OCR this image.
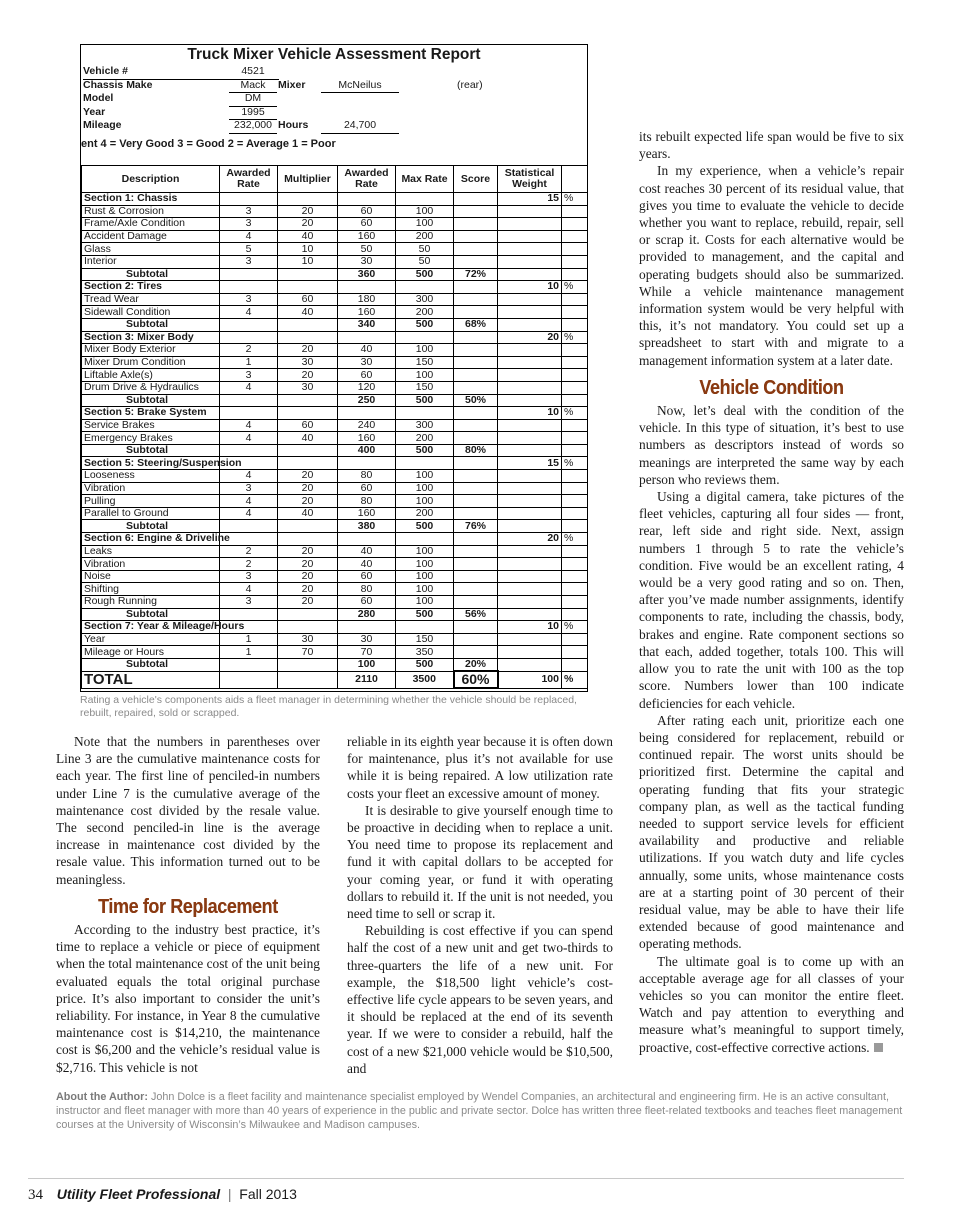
Truck Mixer Vehicle Assessment Report
Vehicle #	4521
Chassis Make	Mack	Mixer	McNeilus	(rear)
Model	DM
Year	1995
Mileage	232,000 Hours	24,700
ent 4 = Very Good 3 = Good 2 = Average 1 = Poor
Description	Awarded Rate	Multiplier	Awarded Rate	Max Rate	Score	Statistical Weight	
Section 1: Chassis						15	%
Rust & Corrosion	3	20	60	100			
Frame/Axle Condition	3	20	60	100			
Accident Damage	4	40	160	200			
Glass	5	10	50	50			
Interior	3	10	30	50			
Subtotal			360	500	72%		
Section 2: Tires						10	%
Tread Wear	3	60	180	300			
Sidewall Condition	4	40	160	200			
Subtotal			340	500	68%		
Section 3: Mixer Body						20	%
Mixer Body Exterior	2	20	40	100			
Mixer Drum Condition	1	30	30	150			
Liftable Axle(s)	3	20	60	100			
Drum Drive & Hydraulics	4	30	120	150			
Subtotal			250	500	50%		
Section 5: Brake System						10	%
Service Brakes	4	60	240	300			
Emergency Brakes	4	40	160	200			
Subtotal			400	500	80%		
Section 5: Steering/Suspension						15	%
Looseness	4	20	80	100			
Vibration	3	20	60	100			
Pulling	4	20	80	100			
Parallel to Ground	4	40	160	200			
Subtotal			380	500	76%		
Section 6: Engine & Driveline						20	%
Leaks	2	20	40	100			
Vibration	2	20	40	100			
Noise	3	20	60	100			
Shifting	4	20	80	100			
Rough Running	3	20	60	100			
Subtotal			280	500	56%		
Section 7: Year & Mileage/Hours						10	%
Year	1	30	30	150			
Mileage or Hours	1	70	70	350			
Subtotal			100	500	20%		
TOTAL			2110	3500	60%	100	%
Rating a vehicle's components aids a fleet manager in determining whether the vehicle should be replaced, rebuilt, repaired, sold or scrapped.

Note that the numbers in parentheses over Line 3 are the cumulative maintenance costs for each year. The first line of penciled-in numbers under Line 7 is the cumulative average of the maintenance cost divided by the resale value. The second penciled-in line is the average increase in maintenance cost divided by the resale value. This information turned out to be meaningless.

Time for Replacement

According to the industry best practice, it’s time to replace a vehicle or piece of equipment when the total maintenance cost of the unit being evaluated equals the total original purchase price. It’s also important to consider the unit’s reliability. For instance, in Year 8 the cumulative maintenance cost is $14,210, the maintenance cost is $6,200 and the vehicle’s residual value is $2,716. This vehicle is not

reliable in its eighth year because it is often down for maintenance, plus it’s not available for use while it is being repaired. A low utilization rate costs your fleet an excessive amount of money.

It is desirable to give yourself enough time to be proactive in deciding when to replace a unit. You need time to propose its replacement and fund it with capital dollars to be accepted for your coming year, or fund it with operating dollars to rebuild it. If the unit is not needed, you need time to sell or scrap it.

Rebuilding is cost effective if you can spend half the cost of a new unit and get two-thirds to three-quarters the life of a new unit. For example, the $18,500 light vehicle’s cost-effective life cycle appears to be seven years, and it should be replaced at the end of its seventh year. If we were to consider a rebuild, half the cost of a new $21,000 vehicle would be $10,500, and

its rebuilt expected life span would be five to six years.

In my experience, when a vehicle’s repair cost reaches 30 percent of its residual value, that gives you time to evaluate the vehicle to decide whether you want to replace, rebuild, repair, sell or scrap it. Costs for each alternative would be provided to management, and the capital and operating budgets should also be summarized. While a vehicle maintenance management information system would be very helpful with this, it’s not mandatory. You could set up a spreadsheet to start with and migrate to a management information system at a later date.

Vehicle Condition

Now, let’s deal with the condition of the vehicle. In this type of situation, it’s best to use numbers as descriptors instead of words so meanings are interpreted the same way by each person who reviews them.

Using a digital camera, take pictures of the fleet vehicles, capturing all four sides — front, rear, left side and right side. Next, assign numbers 1 through 5 to rate the vehicle’s condition. Five would be an excellent rating, 4 would be a very good rating and so on. Then, after you’ve made number assignments, identify components to rate, including the chassis, body, brakes and engine. Rate component sections so that each, added together, totals 100. This will allow you to rate the unit with 100 as the top score. Numbers lower than 100 indicate deficiencies for each vehicle.

After rating each unit, prioritize each one being considered for replacement, rebuild or continued repair. The worst units should be prioritized first. Determine the capital and operating funding that fits your strategic company plan, as well as the tactical funding needed to support service levels for efficient availability and productive and reliable utilizations. If you watch duty and life cycles annually, some units, whose maintenance costs are at a starting point of 30 percent of their residual value, may be able to have their life extended because of good maintenance and operating methods.

The ultimate goal is to come up with an acceptable average age for all classes of your vehicles so you can monitor the entire fleet. Watch and pay attention to everything and measure what’s meaningful to support timely, proactive, cost-effective corrective actions.

About the Author: John Dolce is a fleet facility and maintenance specialist employed by Wendel Companies, an architectural and engineering firm. He is an active consultant, instructor and fleet manager with more than 40 years of experience in the public and private sector. Dolce has written three fleet-related textbooks and teaches fleet management courses at the University of Wisconsin’s Milwaukee and Madison campuses.
34 Utility Fleet Professional | Fall 2013
